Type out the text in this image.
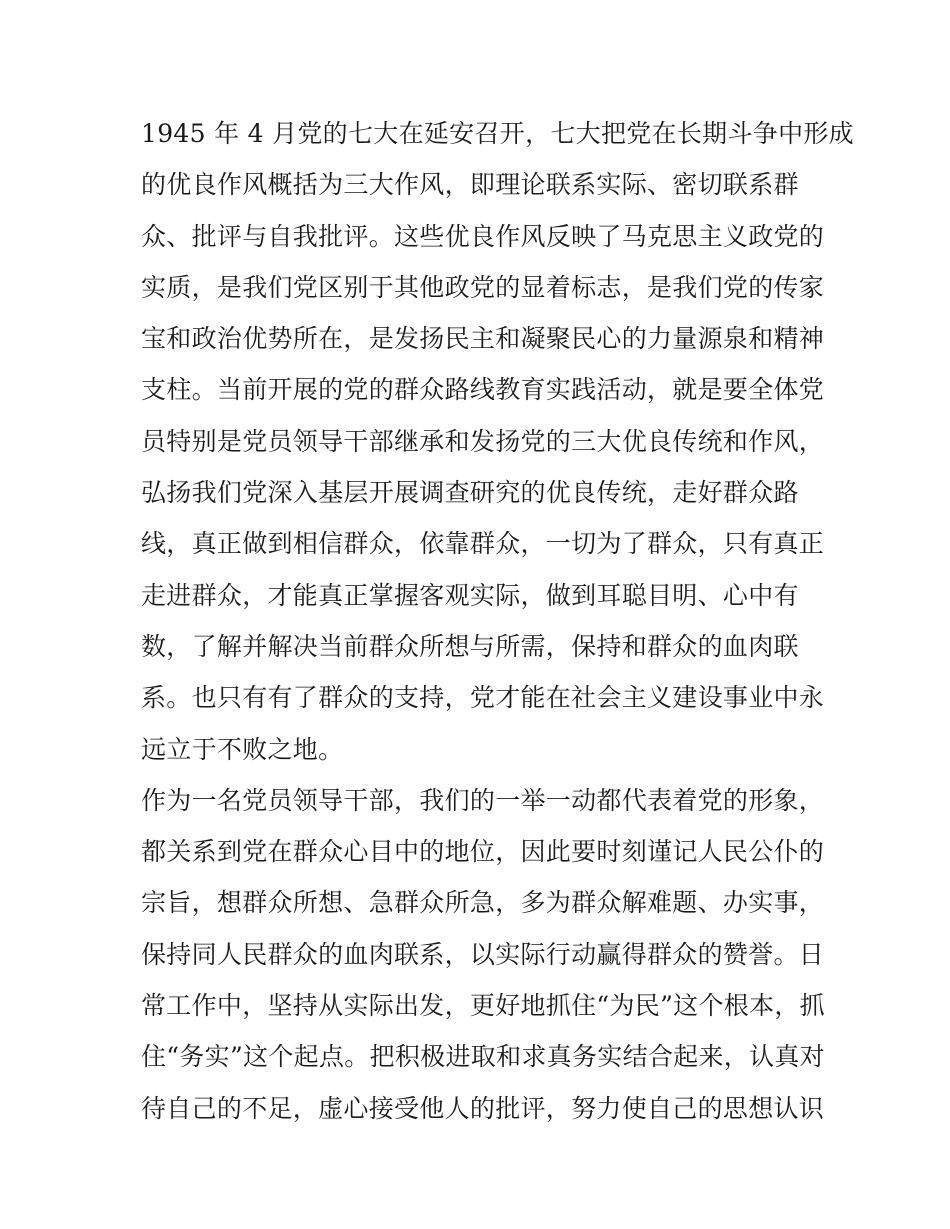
1945 年 4 月党的七大在延安召开，七大把党在长期斗争中形成
的优良作风概括为三大作风，即理论联系实际、密切联系群
众、批评与自我批评。这些优良作风反映了马克思主义政党的
实质，是我们党区别于其他政党的显着标志，是我们党的传家
宝和政治优势所在，是发扬民主和凝聚民心的力量源泉和精神
支柱。当前开展的党的群众路线教育实践活动，就是要全体党
员特别是党员领导干部继承和发扬党的三大优良传统和作风，
弘扬我们党深入基层开展调查研究的优良传统，走好群众路
线，真正做到相信群众，依靠群众，一切为了群众，只有真正
走进群众，才能真正掌握客观实际，做到耳聪目明、心中有
数，了解并解决当前群众所想与所需，保持和群众的血肉联
系。也只有有了群众的支持，党才能在社会主义建设事业中永
远立于不败之地。
作为一名党员领导干部，我们的一举一动都代表着党的形象，
都关系到党在群众心目中的地位，因此要时刻谨记人民公仆的
宗旨，想群众所想、急群众所急，多为群众解难题、办实事，
保持同人民群众的血肉联系，以实际行动赢得群众的赞誉。日
常工作中，坚持从实际出发，更好地抓住“为民”这个根本，抓
住“务实”这个起点。把积极进取和求真务实结合起来，认真对
待自己的不足，虚心接受他人的批评，努力使自己的思想认识
